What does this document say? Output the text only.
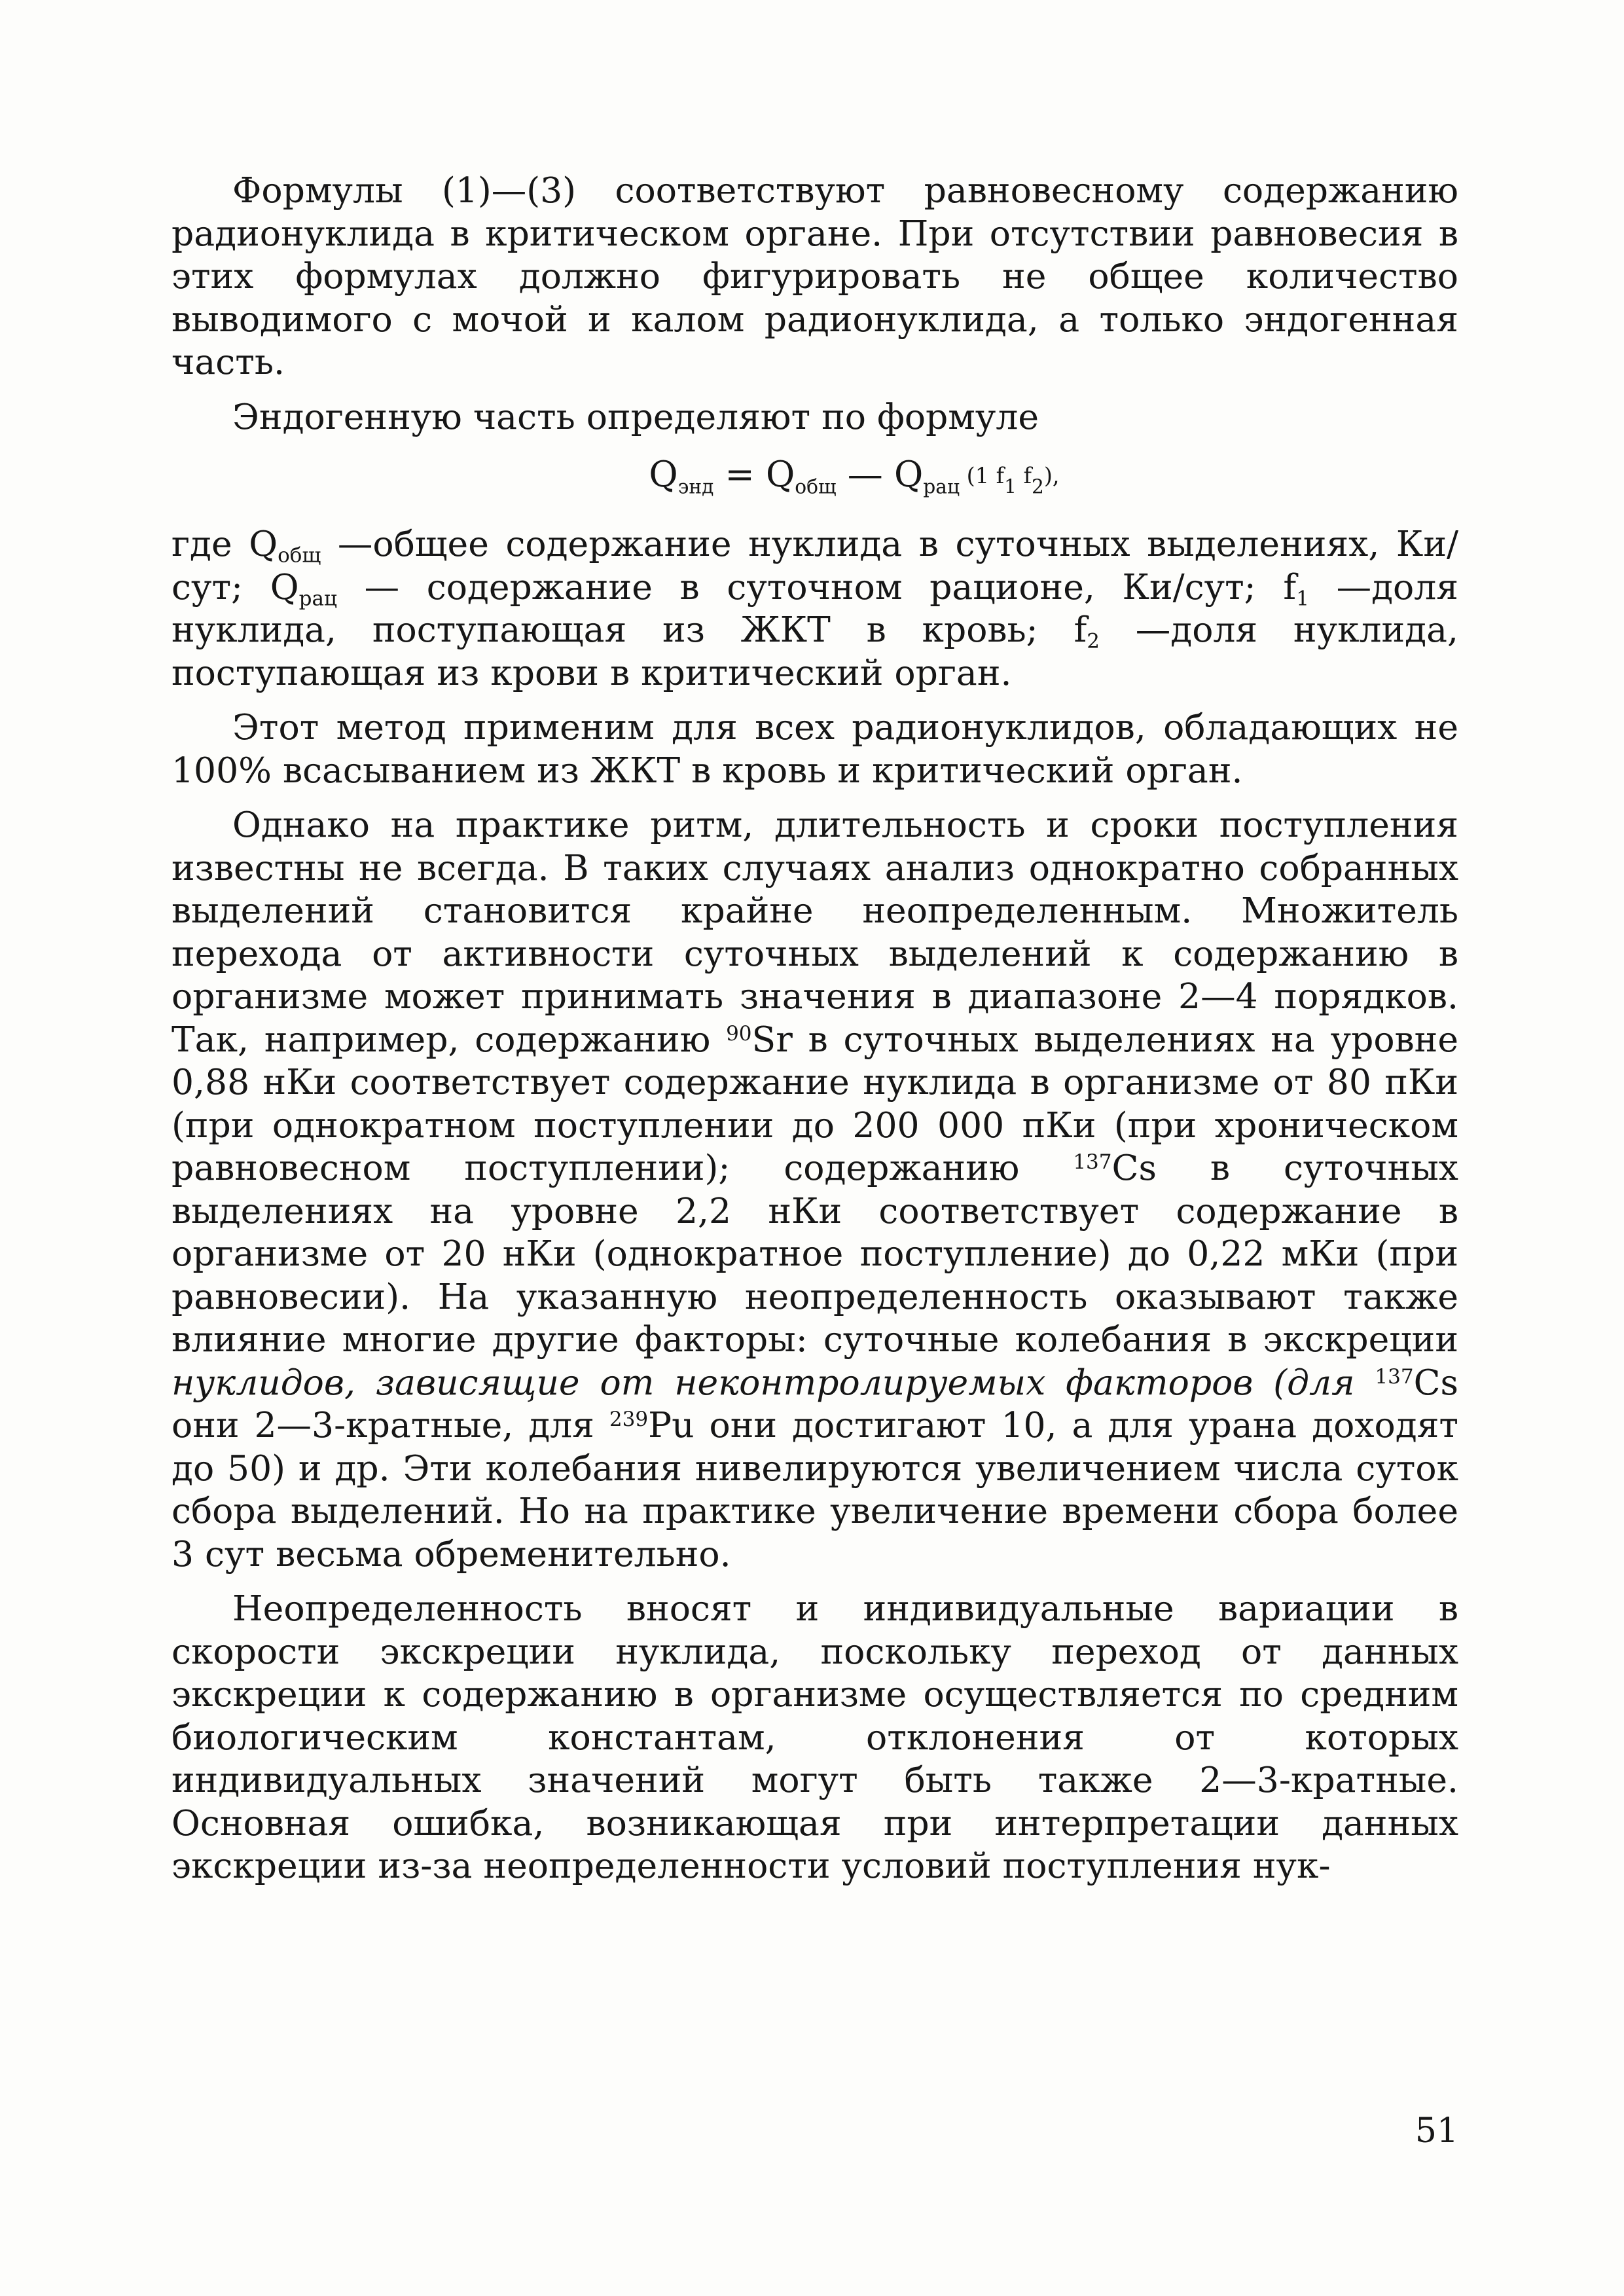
Формулы (1)—(3) соответствуют равновесному содержанию радионуклида в критическом органе. При отсутствии равновесия в этих формулах должно фигурировать не общее количество выводимого с мочой и калом радионуклида, а только эндогенная часть.

Эндогенную часть определяют по формуле

$Q_{энд} = Q_{общ}$ — $Q_{рац}$ (1 $f_1$ $f_2$),

где $Q_{общ}$ —общее содержание нуклида в суточных выделениях, Ки/сут; $Q_{рац}$ — содержание в суточном рационе, Ки/сут; $f_1$ —доля нуклида, поступающая из ЖКТ в кровь; $f_2$ —доля нуклида, поступающая из крови в критический орган.

Этот метод применим для всех радионуклидов, обладающих не 100% всасыванием из ЖКТ в кровь и критический орган.

Однако на практике ритм, длительность и сроки поступления известны не всегда. В таких случаях анализ однократно собранных выделений становится крайне неопределенным. Множитель перехода от активности суточных выделений к содержанию в организме может принимать значения в диапазоне 2—4 порядков. Так, например, содержанию $^{90}$Sr в суточных выделениях на уровне 0,88 нКи соответствует содержание нуклида в организме от 80 пКи (при однократном поступлении до 200 000 пКи (при хроническом равновесном поступлении); содержанию $^{137}$Cs в суточных выделениях на уровне 2,2 нКи соответствует содержание в организме от 20 нКи (однократное поступление) до 0,22 мКи (при равновесии). На указанную неопределенность оказывают также влияние многие другие факторы: суточные колебания в экскреции нуклидов, зависящие от неконтролируемых факторов (для $^{137}$Cs они 2—3-кратные, для $^{239}$Pu они достигают 10, а для урана доходят до 50) и др. Эти колебания нивелируются увеличением числа суток сбора выделений. Но на практике увеличение времени сбора более 3 сут весьма обременительно.

Неопределенность вносят и индивидуальные вариации в скорости экскреции нуклида, поскольку переход от данных экскреции к содержанию в организме осуществляется по средним биологическим константам, отклонения от которых индивидуальных значений могут быть также 2—3-кратные. Основная ошибка, возникающая при интерпретации данных экскреции из-за неопределенности условий поступления нук-

51
